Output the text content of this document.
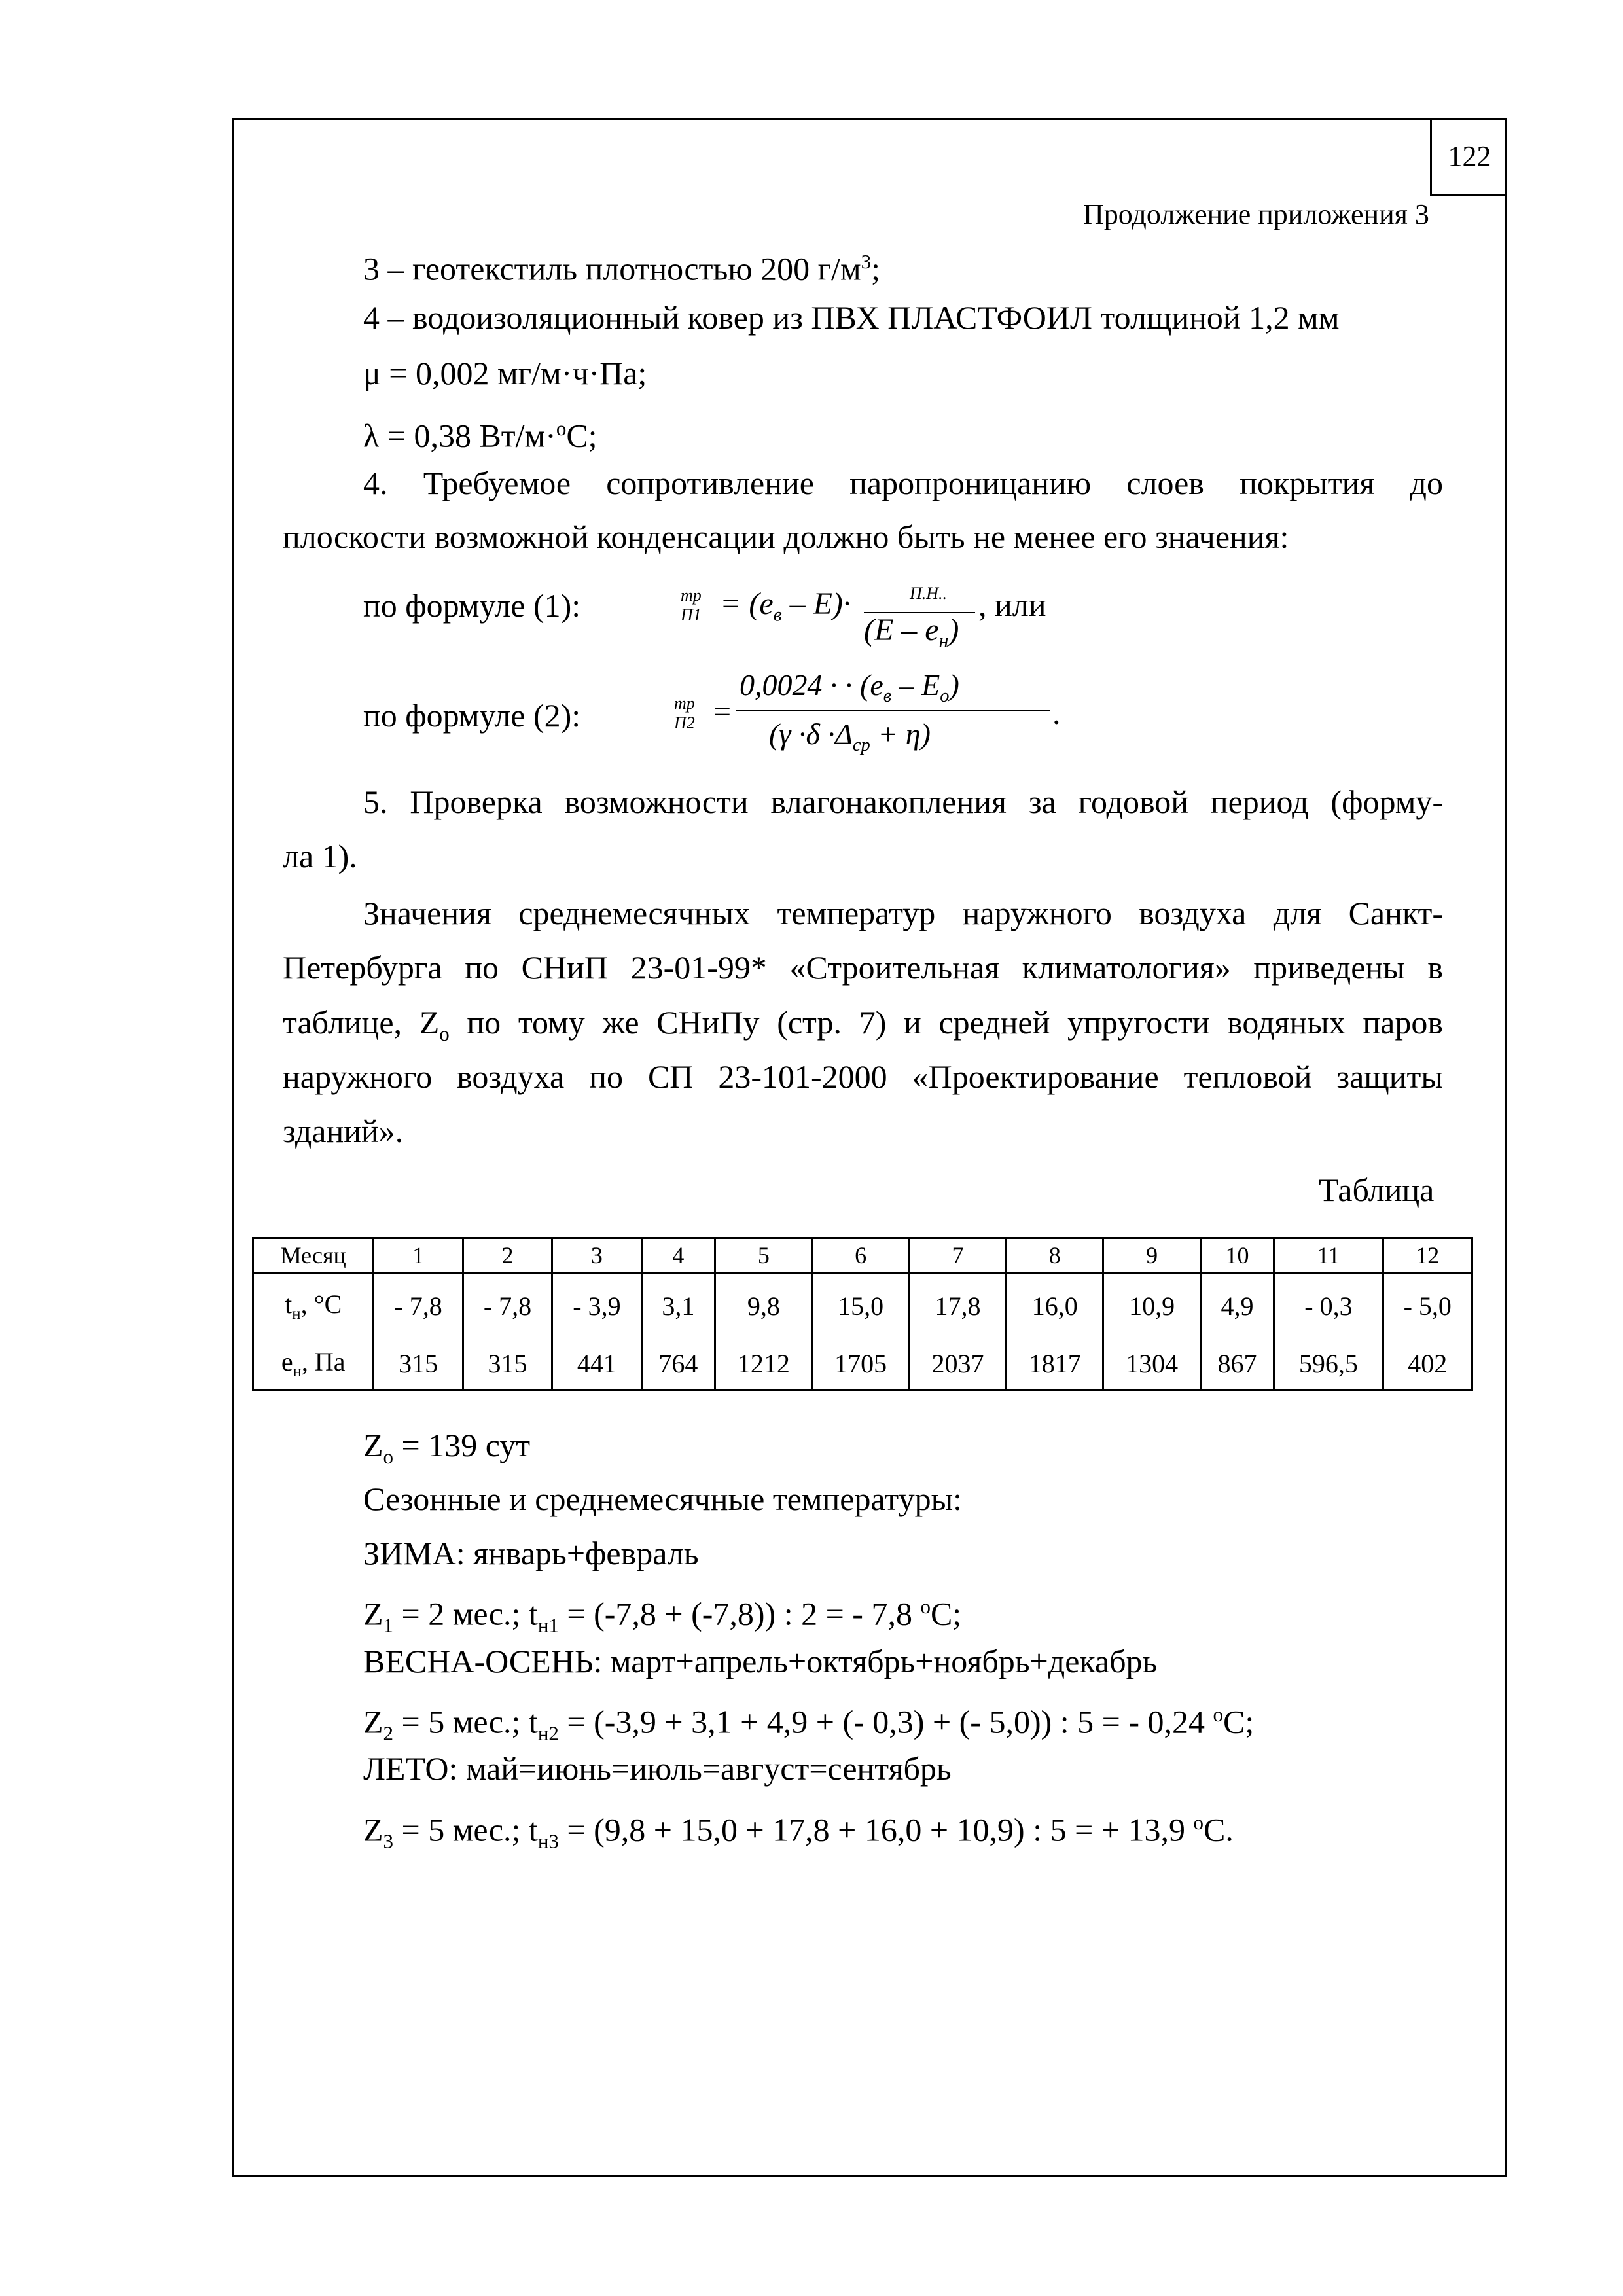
122
Продолжение приложения 3
3 – геотекстиль плотностью 200 $г/м^3$;
4 – водоизоляционный ковер из ПВХ ПЛАСТФОИЛ толщиной 1,2 мм
μ = 0,002 мг/м·ч·Па;
λ = 0,38 Вт/м·$^о$С;
4. Требуемое сопротивление паропроницанию слоев покрытия до
плоскости возможной конденсации должно быть не менее его значения:
по формуле (1):	тр
$П1 = (e_в - E)\cdot$	П.Н..
$(E - e_н)$
, или
по формуле (2):	тр
П2 =
0,0024 · · $(e_в - E_o)$
$(\gamma \cdot\delta \cdot\Delta_{ср} + \eta)$
.
5. Проверка возможности влагонакопления за годовой период (форму-
ла 1).
Значения среднемесячных температур наружного воздуха для Санкт-
Петербурга по СНиП 23-01-99* «Строительная климатология» приведены в
таблице, $Z_о$ по тому же СНиПу (стр. 7) и средней упругости водяных паров
наружного воздуха по СП 23-101-2000 «Проектирование тепловой защиты
зданий».
Таблица
Месяц	1	2	3	4	5	6	7	8	9	10	11	12
$t_н$, °С	- 7,8	- 7,8	- 3,9	3,1	9,8	15,0	17,8	16,0	10,9	4,9	- 0,3	- 5,0
$e_н$, Па	315	315	441	764	1212	1705	2037	1817	1304	867	596,5	402
$Z_о = 139$ сут
Сезонные и среднемесячные температуры:
ЗИМА: январь+февраль
$Z_1 = 2$ мес.; $t_{н1} = (-7,8 + (-7,8))$ : 2 = - 7,8 $^о$С;
ВЕСНА-ОСЕНЬ: март+апрель+октябрь+ноябрь+декабрь
$Z_2 = 5$ мес.; $t_{н2} = (-3,9 + 3,1 + 4,9$ + (- 0,3) + (- 5,0)) : 5 = - 0,24 $^о$С;
ЛЕТО: май=июнь=июль=август=сентябрь
$Z_3 = 5$ мес.; $t_{н3} = (9,8 + 15,0 + 17,8 + 16,0 + 10,9)$ : 5 = + 13,9 $^о$С.
